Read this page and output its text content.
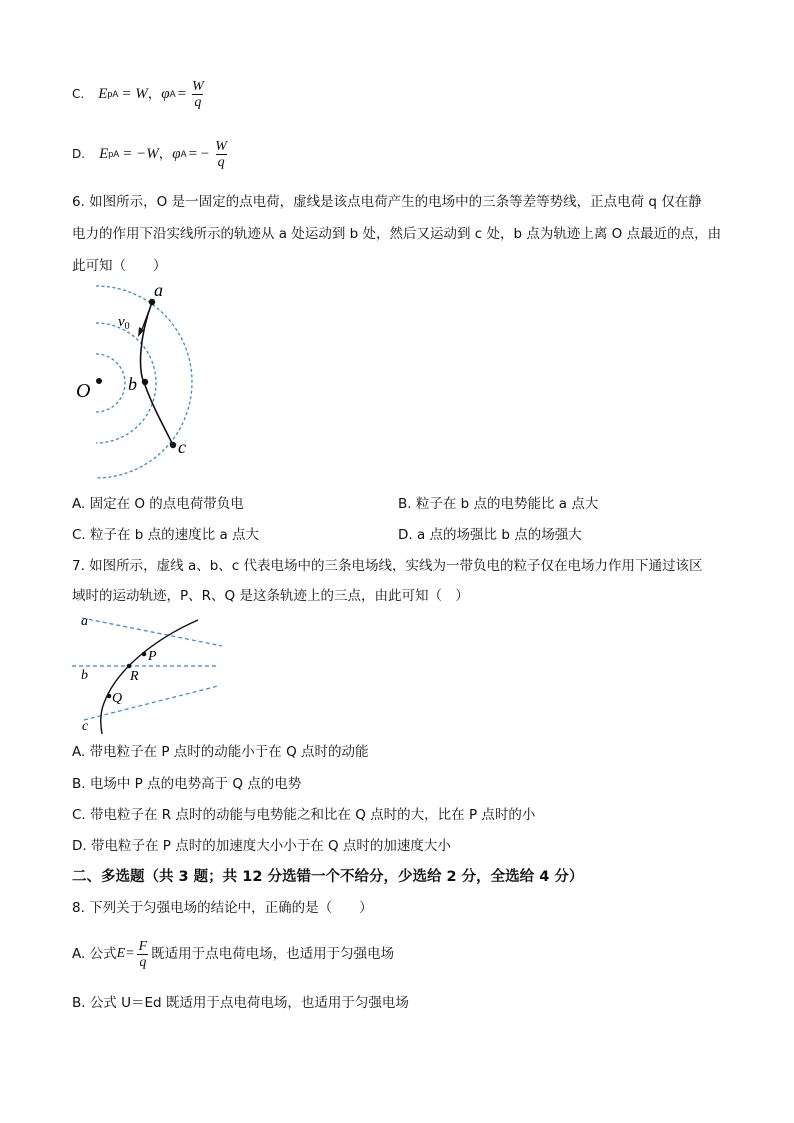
C. E pA = W ， φ $A = \frac{W}{q}$
D. E pA = −W ， φ A = − $\frac{W}{q}$
6. 如图所示，O 是一固定的点电荷，虚线是该点电荷产生的电场中的三条等差等势线，正点电荷 q 仅在静
电力的作用下沿实线所示的轨迹从 a 处运动到 b 处，然后又运动到 c 处，b 点为轨迹上离 O 点最近的点，由
此可知（　　）
a
b
c
O
$v_0$
A. 固定在 O 的点电荷带负电	B. 粒子在 b 点的电势能比 a 点大
C. 粒子在 b 点的速度比 a 点大	D. a 点的场强比 b 点的场强大
7. 如图所示，虚线 a、b、c 代表电场中的三条电场线，实线为一带负电的粒子仅在电场力作用下通过该区
域时的运动轨迹，P、R、Q 是这条轨迹上的三点，由此可知（　）
a
b
c
P
R
Q
A. 带电粒子在 P 点时的动能小于在 Q 点时的动能
B. 电场中 P 点的电势高于 Q 点的电势
C. 带电粒子在 R 点时的动能与电势能之和比在 Q 点时的大，比在 P 点时的小
D. 带电粒子在 P 点时的加速度大小小于在 Q 点时的加速度大小
二、多选题（共 3 题；共 12 分选错一个不给分，少选给 2 分，全选给 4 分）
8. 下列关于匀强电场的结论中，正确的是（　　）
A. 公式 $E= \frac{F}{q}$ 既适用于点电荷电场，也适用于匀强电场
B. 公式 U＝Ed 既适用于点电荷电场，也适用于匀强电场
